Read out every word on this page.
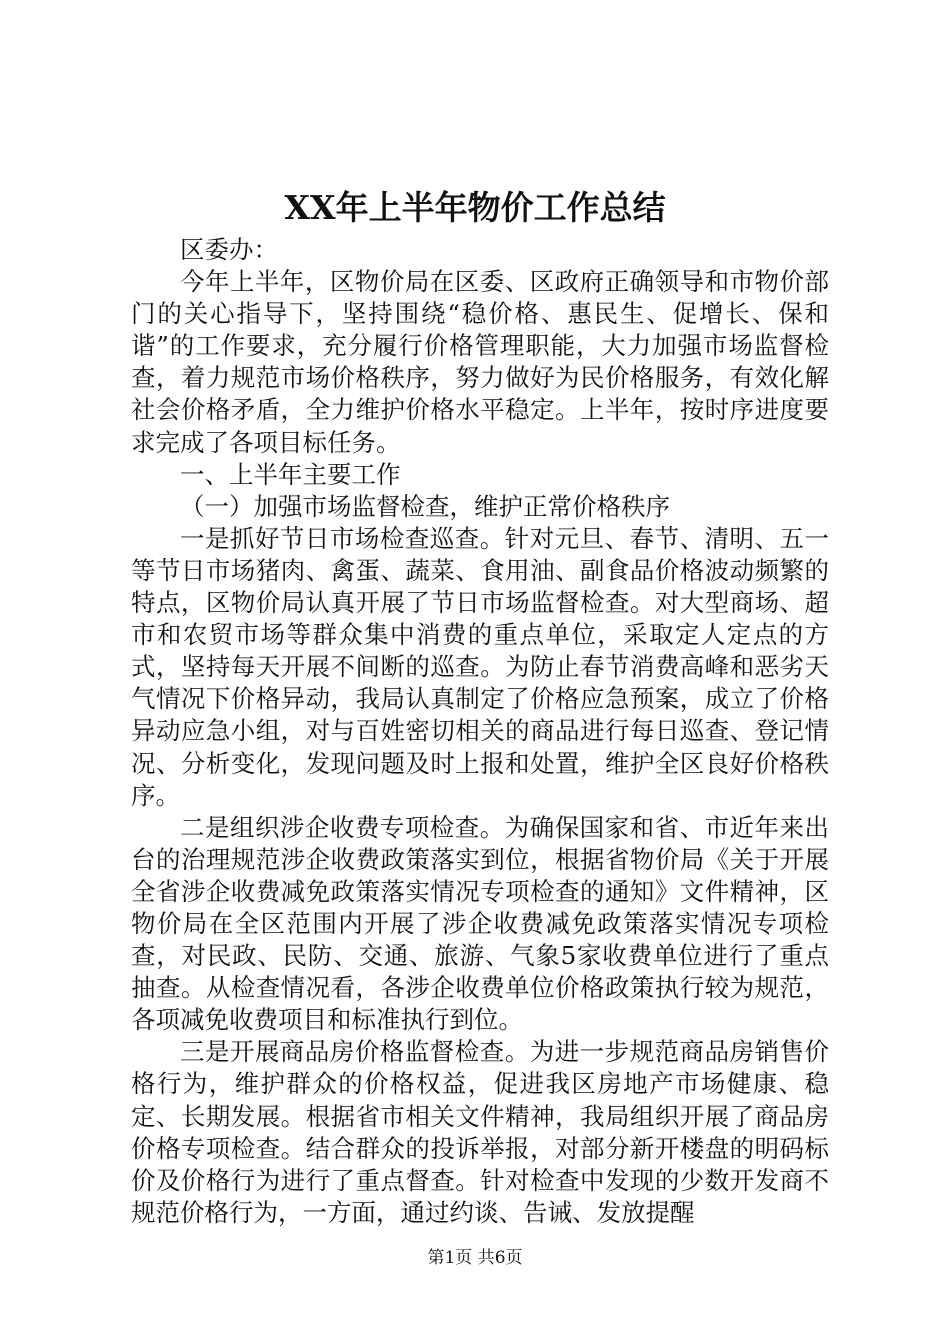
XX年上半年物价工作总结

区委办：

今年上半年，区物价局在区委、区政府正确领导和市物价部门的关心指导下，坚持围绕“稳价格、惠民生、促增长、保和谐”的工作要求，充分履行价格管理职能，大力加强市场监督检查，着力规范市场价格秩序，努力做好为民价格服务，有效化解社会价格矛盾，全力维护价格水平稳定。上半年，按时序进度要求完成了各项目标任务。

一、上半年主要工作

（一）加强市场监督检查，维护正常价格秩序

一是抓好节日市场检查巡查。针对元旦、春节、清明、五一等节日市场猪肉、禽蛋、蔬菜、食用油、副食品价格波动频繁的特点，区物价局认真开展了节日市场监督检查。对大型商场、超市和农贸市场等群众集中消费的重点单位，采取定人定点的方式，坚持每天开展不间断的巡查。为防止春节消费高峰和恶劣天气情况下价格异动，我局认真制定了价格应急预案，成立了价格异动应急小组，对与百姓密切相关的商品进行每日巡查、登记情况、分析变化，发现问题及时上报和处置，维护全区良好价格秩序。

二是组织涉企收费专项检查。为确保国家和省、市近年来出台的治理规范涉企收费政策落实到位，根据省物价局《关于开展全省涉企收费减免政策落实情况专项检查的通知》文件精神，区物价局在全区范围内开展了涉企收费减免政策落实情况专项检查，对民政、民防、交通、旅游、气象5家收费单位进行了重点抽查。从检查情况看，各涉企收费单位价格政策执行较为规范，各项减免收费项目和标准执行到位。

三是开展商品房价格监督检查。为进一步规范商品房销售价格行为，维护群众的价格权益，促进我区房地产市场健康、稳定、长期发展。根据省市相关文件精神，我局组织开展了商品房价格专项检查。结合群众的投诉举报，对部分新开楼盘的明码标价及价格行为进行了重点督查。针对检查中发现的少数开发商不规范价格行为，一方面，通过约谈、告诫、发放提醒

第1页 共6页
